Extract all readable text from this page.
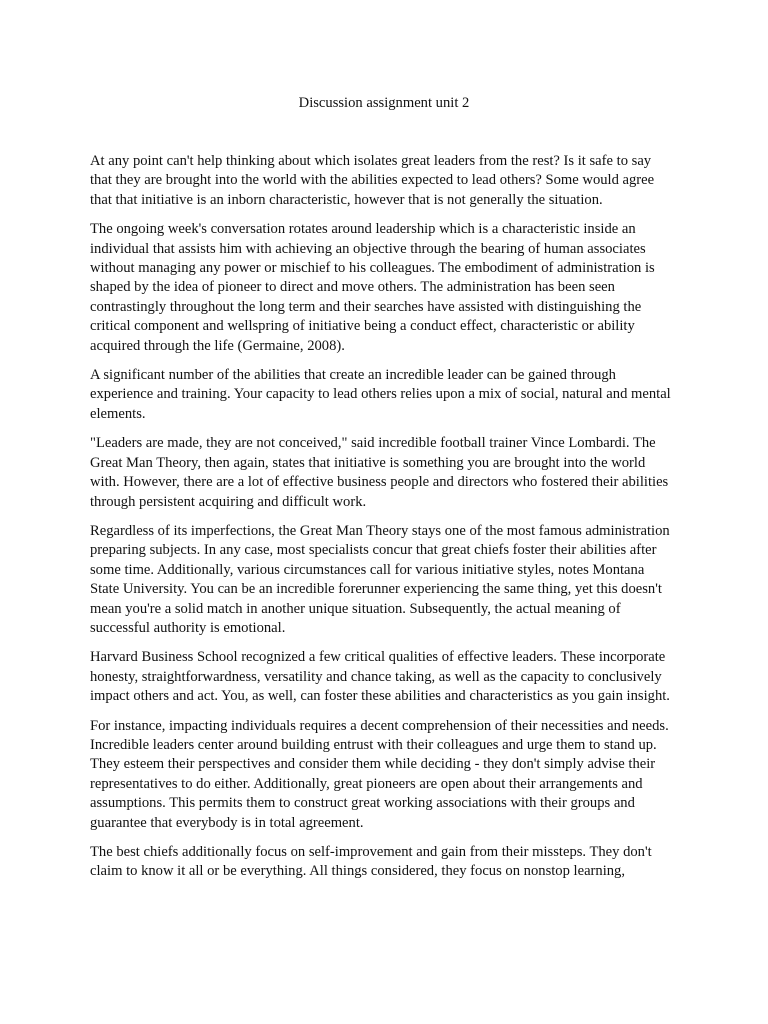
Discussion assignment unit 2

At any point can't help thinking about which isolates great leaders from the rest? Is it safe to say that they are brought into the world with the abilities expected to lead others? Some would agree that that initiative is an inborn characteristic, however that is not generally the situation.

The ongoing week's conversation rotates around leadership which is a characteristic inside an individual that assists him with achieving an objective through the bearing of human associates without managing any power or mischief to his colleagues. The embodiment of administration is shaped by the idea of pioneer to direct and move others. The administration has been seen contrastingly throughout the long term and their searches have assisted with distinguishing the critical component and wellspring of initiative being a conduct effect, characteristic or ability acquired through the life (Germaine, 2008).

A significant number of the abilities that create an incredible leader can be gained through experience and training. Your capacity to lead others relies upon a mix of social, natural and mental elements.

"Leaders are made, they are not conceived," said incredible football trainer Vince Lombardi. The Great Man Theory, then again, states that initiative is something you are brought into the world with. However, there are a lot of effective business people and directors who fostered their abilities through persistent acquiring and difficult work.

Regardless of its imperfections, the Great Man Theory stays one of the most famous administration preparing subjects. In any case, most specialists concur that great chiefs foster their abilities after some time. Additionally, various circumstances call for various initiative styles, notes Montana State University. You can be an incredible forerunner experiencing the same thing, yet this doesn't mean you're a solid match in another unique situation. Subsequently, the actual meaning of successful authority is emotional.

Harvard Business School recognized a few critical qualities of effective leaders. These incorporate honesty, straightforwardness, versatility and chance taking, as well as the capacity to conclusively impact others and act. You, as well, can foster these abilities and characteristics as you gain insight.

For instance, impacting individuals requires a decent comprehension of their necessities and needs. Incredible leaders center around building entrust with their colleagues and urge them to stand up. They esteem their perspectives and consider them while deciding - they don't simply advise their representatives to do either. Additionally, great pioneers are open about their arrangements and assumptions. This permits them to construct great working associations with their groups and guarantee that everybody is in total agreement.

The best chiefs additionally focus on self-improvement and gain from their missteps. They don't claim to know it all or be everything. All things considered, they focus on nonstop learning,
